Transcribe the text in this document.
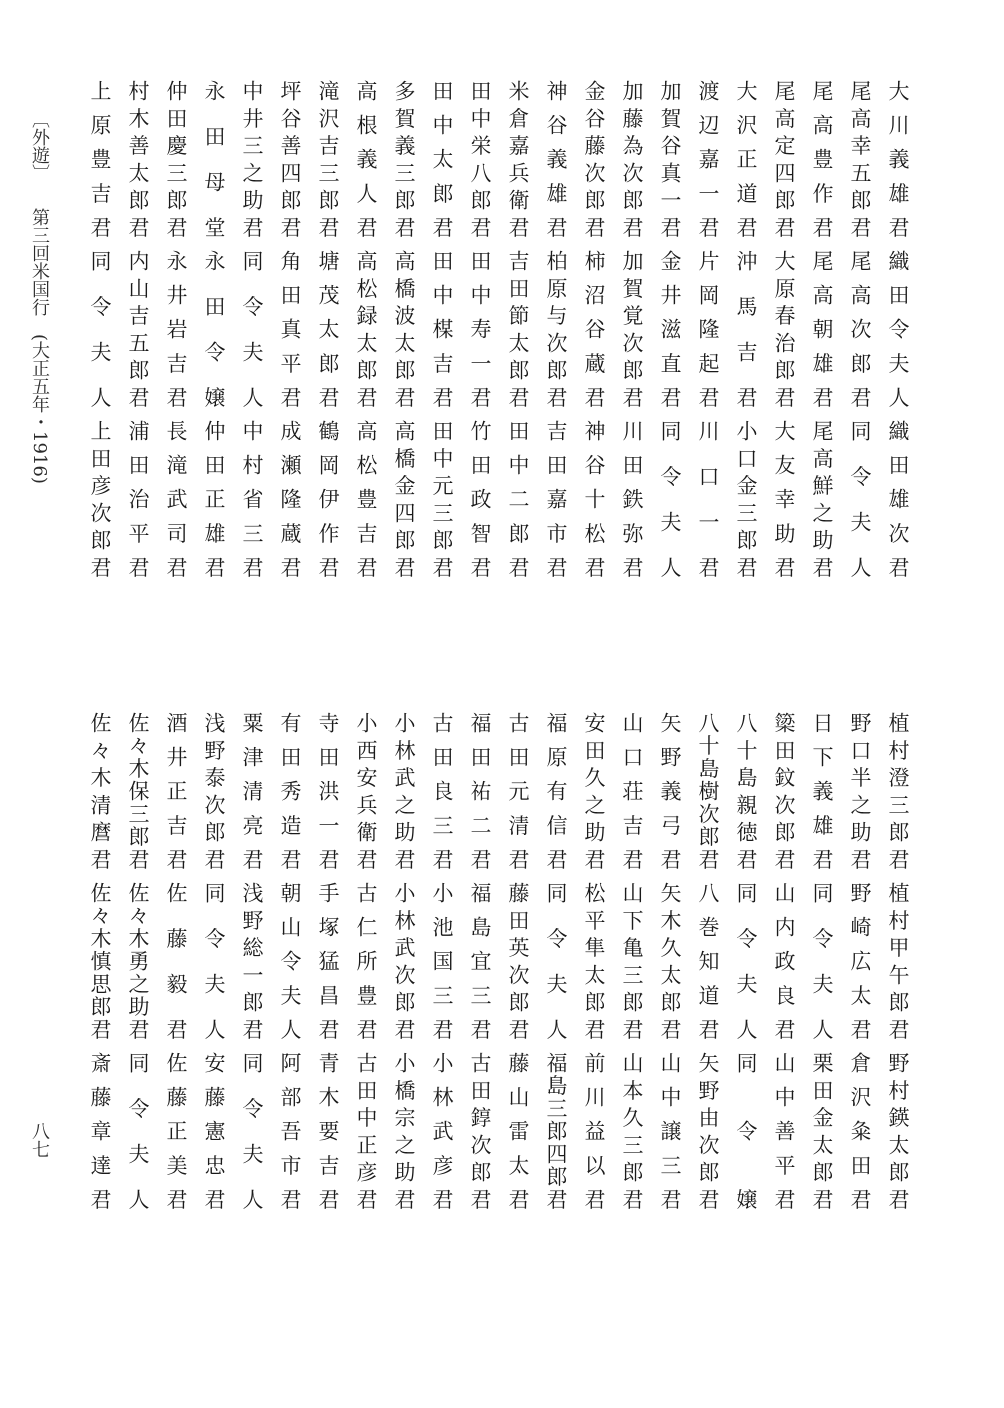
〔外遊〕第三回米国行　(大正五年・1916)
八七
大川義雄君
織田令夫人
織田雄次君
尾高幸五郎君
尾高次郎君
同令夫人
尾高豊作君
尾高朝雄君
尾高鮮之助君
尾高定四郎君
大原春治郎君
大友幸助君
大沢正道君
沖馬吉君
小口金三郎君
渡辺嘉一君
片岡隆起君
川口一君
加賀谷真一君
金井滋直君
同令夫人
加藤為次郎君
加賀覚次郎君
川田鉄弥君
金谷藤次郎君
柿沼谷蔵君
神谷十松君
神谷義雄君
柏原与次郎君
吉田嘉市君
米倉嘉兵衛君
吉田節太郎君
田中二郎君
田中栄八郎君
田中寿一君
竹田政智君
田中太郎君
田中楳吉君
田中元三郎君
多賀義三郎君
高橋波太郎君
高橋金四郎君
高根義人君
高松録太郎君
高松豊吉君
滝沢吉三郎君
塘茂太郎君
鶴岡伊作君
坪谷善四郎君
角田真平君
成瀬隆蔵君
中井三之助君
同令夫人
中村省三君
永田母堂
永田令嬢
仲田正雄君
仲田慶三郎君
永井岩吉君
長滝武司君
村木善太郎君
内山吉五郎君
浦田治平君
上原豊吉君
同令夫人
上田彦次郎君
植村澄三郎君
植村甲午郎君
野村鍈太郎君
野口半之助君
野崎広太君
倉沢粂田君
日下義雄君
同令夫人
栗田金太郎君
簗田鈫次郎君
山内政良君
山中善平君
八十島親徳君
同令夫人
同令嬢
八十島樹次郎君
八巻知道君
矢野由次郎君
矢野義弓君
矢木久太郎君
山中譲三君
山口荘吉君
山下亀三郎君
山本久三郎君
安田久之助君
松平隼太郎君
前川益以君
福原有信君
同令夫人
福島三郎四郎君
古田元清君
藤田英次郎君
藤山雷太君
福田祐二君
福島宜三君
古田錞次郎君
古田良三君
小池国三君
小林武彦君
小林武之助君
小林武次郎君
小橋宗之助君
小西安兵衛君
古仁所豊君
古田中正彦君
寺田洪一君
手塚猛昌君
青木要吉君
有田秀造君
朝山令夫人
阿部吾市君
粟津清亮君
浅野総一郎君
同令夫人
浅野泰次郎君
同令夫人
安藤憲忠君
酒井正吉君
佐藤毅君
佐藤正美君
佐々木保三郎君
佐々木勇之助君
同令夫人
佐々木清麿君
佐々木慎思郎君
斎藤章達君
